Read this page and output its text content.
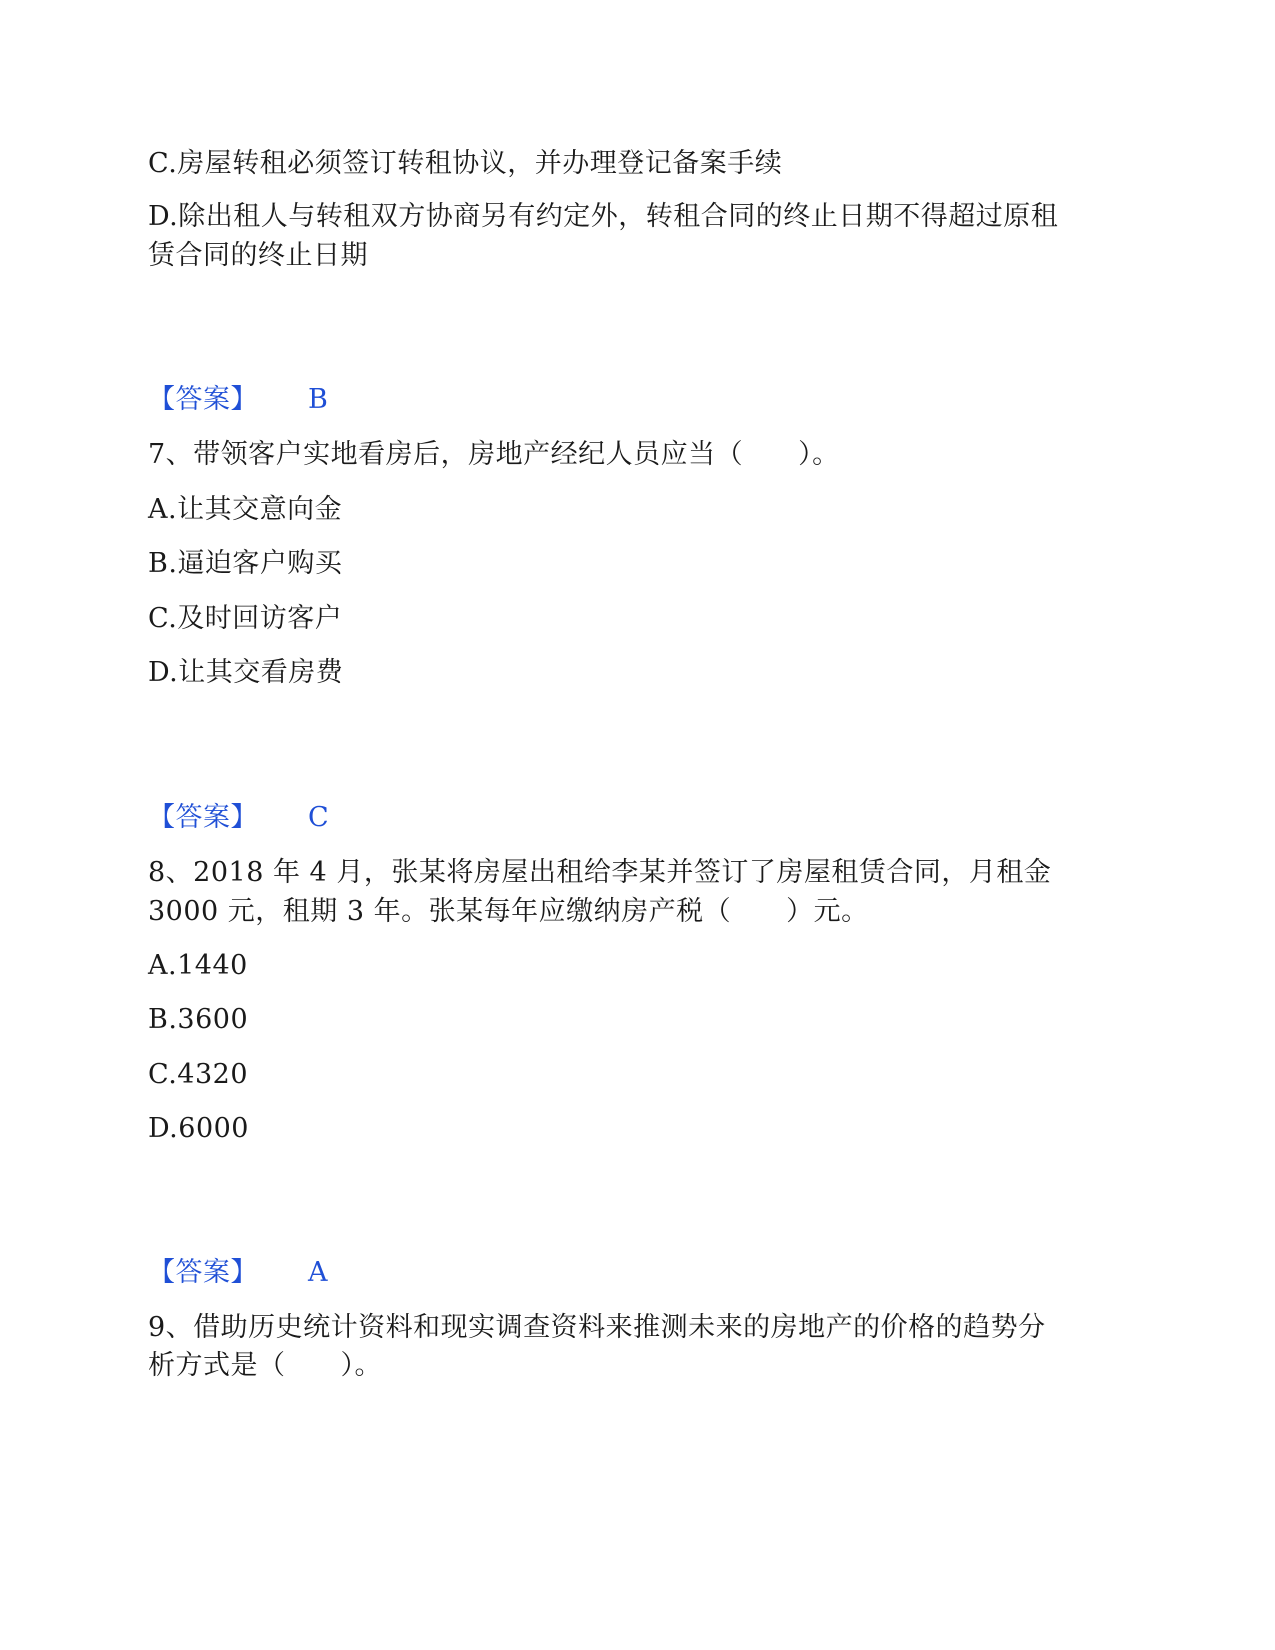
C.房屋转租必须签订转租协议，并办理登记备案手续
D.除出租人与转租双方协商另有约定外，转租合同的终止日期不得超过原租
赁合同的终止日期
【答案】 B
7、带领客户实地看房后，房地产经纪人员应当（　　）。
A.让其交意向金
B.逼迫客户购买
C.及时回访客户
D.让其交看房费
【答案】 C
8、2018 年 4 月，张某将房屋出租给李某并签订了房屋租赁合同，月租金
3000 元，租期 3 年。张某每年应缴纳房产税（　　）元。
A.1440
B.3600
C.4320
D.6000
【答案】 A
9、借助历史统计资料和现实调查资料来推测未来的房地产的价格的趋势分
析方式是（　　）。
